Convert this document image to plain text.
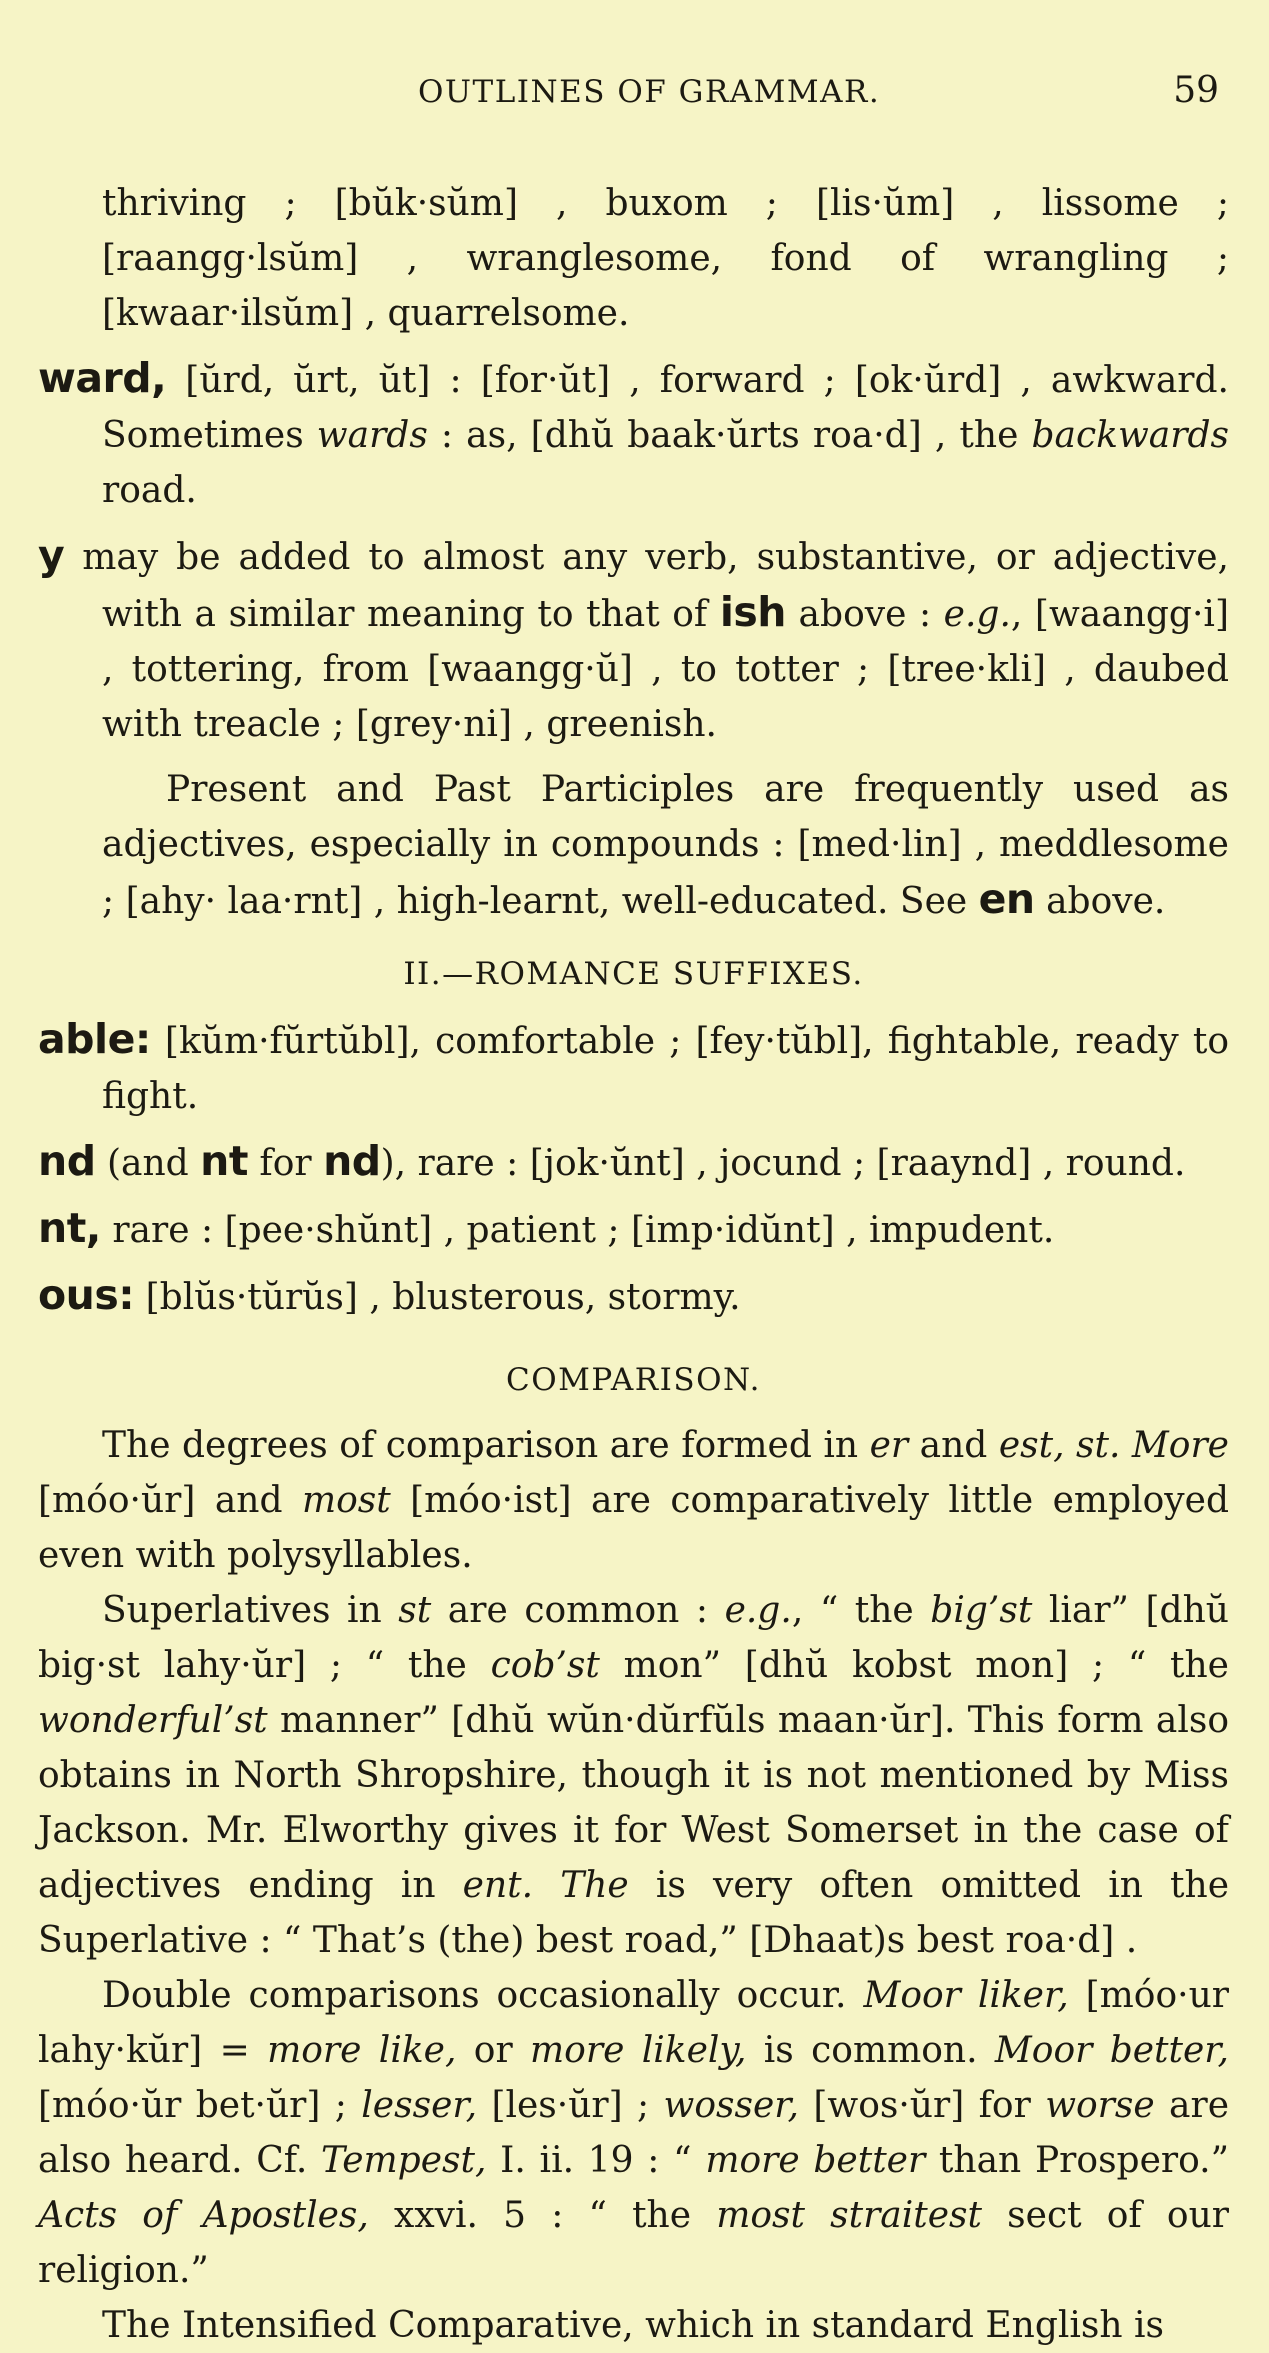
OUTLINES OF GRAMMAR.	59

thriving ; [bŭk·sŭm] , buxom ; [lis·ŭm] , lissome ; [raangg·lsŭm] , wranglesome, fond of wrangling ; [kwaar·ilsŭm] , quarrelsome.

ward, [ŭrd, ŭrt, ŭt] : [for·ŭt] , forward ; [ok·ŭrd] , awkward. Sometimes wards : as, [dhŭ baak·ŭrts roa·d] , the backwards road.

y may be added to almost any verb, substantive, or adjective, with a similar meaning to that of ish above : e.g., [waangg·i] , tottering, from [waangg·ŭ] , to totter ; [tree·kli] , daubed with treacle ; [grey·ni] , greenish.

Present and Past Participles are frequently used as adjectives, especially in compounds : [med·lin] , meddlesome ; [ahy· laa·rnt] , high-learnt, well-educated. See en above.

II.—ROMANCE SUFFIXES.

able: [kŭm·fŭrtŭbl], comfortable ; [fey·tŭbl], fightable, ready to fight.

nd (and nt for nd), rare : [jok·ŭnt] , jocund ; [raaynd] , round.

nt, rare : [pee·shŭnt] , patient ; [imp·idŭnt] , impudent.

ous: [blŭs·tŭrŭs] , blusterous, stormy.

COMPARISON.

The degrees of comparison are formed in er and est, st. More [móo·ŭr] and most [móo·ist] are comparatively little employed even with polysyllables.

Superlatives in st are common : e.g., “ the big’st liar” [dhŭ big·st lahy·ŭr] ; “ the cob’st mon” [dhŭ kobst mon] ; “ the wonderful’st manner” [dhŭ wŭn·dŭrfŭls maan·ŭr]. This form also obtains in North Shropshire, though it is not mentioned by Miss Jackson. Mr. Elworthy gives it for West Somerset in the case of adjectives ending in ent. The is very often omitted in the Superlative : “ That’s (the) best road,” [Dhaat)s best roa·d] .

Double comparisons occasionally occur. Moor liker, [móo·ur lahy·kŭr] = more like, or more likely, is common. Moor better, [móo·ŭr bet·ŭr] ; lesser, [les·ŭr] ; wosser, [wos·ŭr] for worse are also heard. Cf. Tempest, I. ii. 19 : “ more better than Prospero.” Acts of Apostles, xxvi. 5 : “ the most straitest sect of our religion.”

The Intensified Comparative, which in standard English is
